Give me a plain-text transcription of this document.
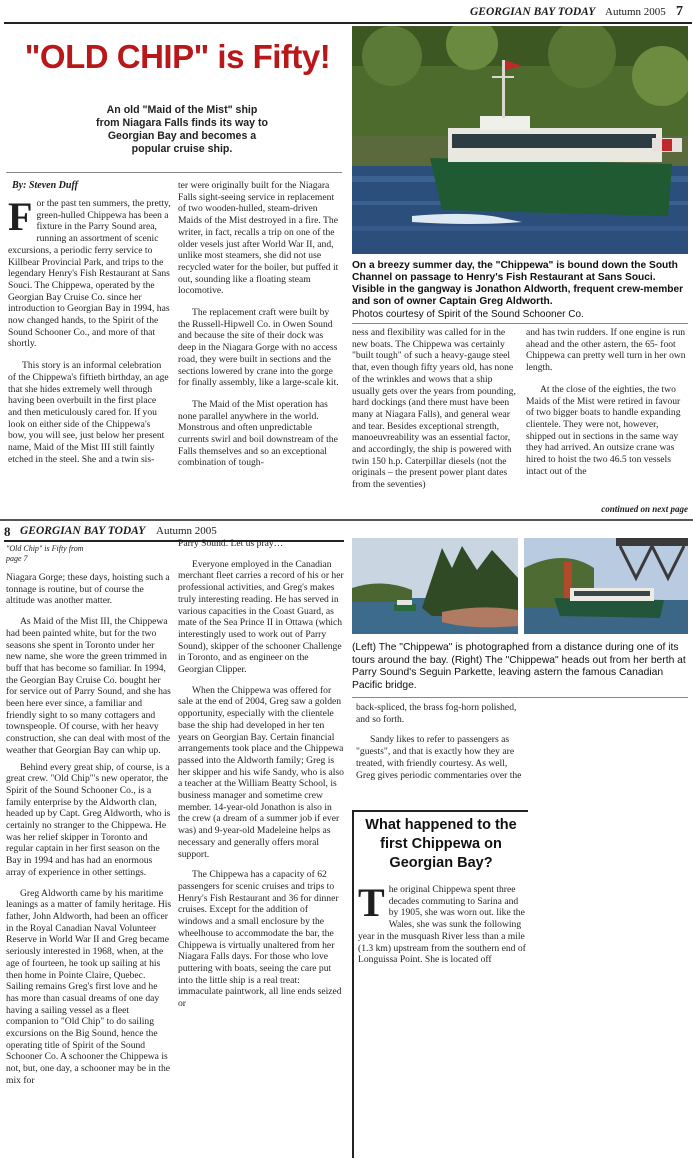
GEORGIAN BAY TODAY Autumn 2005 7
"OLD CHIP" is Fifty!
An old "Maid of the Mist" ship from Niagara Falls finds its way to Georgian Bay and becomes a popular cruise ship.
By: Steven Duff

For the past ten summers, the pretty, green-hulled Chippewa has been a fixture in the Parry Sound area, running an assortment of scenic excursions, a periodic ferry service to Killbear Provincial Park, and trips to the legendary Henry's Fish Restaurant at Sans Souci. The Chippewa, operated by the Georgian Bay Cruise Co. since her introduction to Georgian Bay in 1994, has now changed hands, to the Spirit of the Sound Schooner Co., and more of that shortly.

This story is an informal celebration of the Chippewa's fiftieth birthday, an age that she hides extremely well through having been overbuilt in the first place and then meticulously cared for. If you look on either side of the Chippewa's bow, you will see, just below her present name, Maid of the Mist III still faintly etched in the steel. She and a twin sis-

ter were originally built for the Niagara Falls sight-seeing service in replacement of two wooden-hulled, steam-driven Maids of the Mist destroyed in a fire. The writer, in fact, recalls a trip on one of the older vesels just after World War II, and, unlike most steamers, she did not use recycled water for the boiler, but puffed it out, sounding like a floating steam locomotive.

The replacement craft were built by the Russell-Hipwell Co. in Owen Sound and because the site of their dock was deep in the Niagara Gorge with no access road, they were built in sections and the sections lowered by crane into the gorge for finally assembly, like a large-scale kit.

The Maid of the Mist operation has none parallel anywhere in the world. Monstrous and often unpredictable currents swirl and boil downstream of the Falls themselves and so an exceptional combination of tough-

On a breezy summer day, the "Chippewa" is bound down the South Channel on passage to Henry's Fish Restaurant at Sans Souci. Visible in the gangway is Jonathon Aldworth, frequent crew-member and son of owner Captain Greg Aldworth.
Photos courtesy of Spirit of the Sound Schooner Co.

ness and flexibility was called for in the new boats. The Chippewa was certainly "built tough" of such a heavy-gauge steel that, even though fifty years old, has none of the wrinkles and wows that a ship usually gets over the years from pounding, hard dockings (and there must have been many at Niagara Falls), and general wear and tear. Besides exceptional strength, manoeuvreability was an essential factor, and accordingly, the ship is powered with twin 150 h.p. Caterpillar diesels (not the originals – the present power plant dates from the seventies)

and has twin rudders. If one engine is run ahead and the other astern, the 65- foot Chippewa can pretty well turn in her own length.

At the close of the eighties, the two Maids of the Mist were retired in favour of two bigger boats to handle expanding clientele. They were not, however, shipped out in sections in the same way they had arrived. An outsize crane was hired to hoist the two 46.5 ton vessels intact out of the

continued on next page
8 GEORGIAN BAY TODAY Autumn 2005
"Old Chip" is Fifty from page 7

Niagara Gorge; these days, hoisting such a tonnage is routine, but of course the altitude was another matter.

As Maid of the Mist III, the Chippewa had been painted white, but for the two seasons she spent in Toronto under her new name, she wore the green trimmed in buff that has become so familiar. In 1994, the Georgian Bay Cruise Co. bought her for service out of Parry Sound, and she has been here ever since, a familiar and friendly sight to so many cottagers and townspeople. Of course, with her heavy construction, she can deal with most of the weather that Georgian Bay can whip up.

Behind every great ship, of course, is a great crew. "Old Chip"'s new operator, the Spirit of the Sound Schooner Co., is a family enterprise by the Aldworth clan, headed up by Capt. Greg Aldworth, who is certainly no stranger to the Chippewa. He was her relief skipper in Toronto and regular captain in her first season on the Bay in 1994 and has had an enormous array of experience in other settings.

Greg Aldworth came by his maritime leanings as a matter of family heritage. His father, John Aldworth, had been an officer in the Royal Canadian Naval Volunteer Reserve in World War II and Greg became seriously interested in 1968, when, at the age of fourteen, he took up sailing at his then home in Pointe Claire, Quebec. Sailing remains Greg's first love and he has more than casual dreams of one day having a sailing vessel as a fleet companion to "Old Chip" to do sailing excursions on the Big Sound, hence the operating title of Spirit of the Sound Schooner Co. A schooner the Chippewa is not, but, one day, a schooner may be in the mix for

Parry Sound. Let us pray…

Everyone employed in the Canadian merchant fleet carries a record of his or her professional activities, and Greg's makes truly interesting reading. He has served in various capacities in the Coast Guard, as mate of the Sea Prince II in Ottawa (which interestingly used to work out of Parry Sound), skipper of the schooner Challenge in Toronto, and as engineer on the Georgian Clipper.

When the Chippewa was offered for sale at the end of 2004, Greg saw a golden opportunity, especially with the clientele base the ship had developed in her ten years on Georgian Bay. Certain financial arrangements took place and the Chippewa passed into the Aldworth family; Greg is her skipper and his wife Sandy, who is also a teacher at the William Beatty School, is business manager and sometime crew member. 14-year-old Jonathon is also in the crew (a dream of a summer job if ever was) and 9-year-old Madeleine helps as necessary and generally offers moral support.

The Chippewa has a capacity of 62 passengers for scenic cruises and trips to Henry's Fish Restaurant and 36 for dinner cruises. Except for the addition of windows and a small enclosure by the wheelhouse to accommodate the bar, the Chippewa is virtually unaltered from her Niagara Falls days. For those who love puttering with boats, seeing the care put into the little ship is a real treat: immaculate paintwork, all line ends seized or

(Left) The "Chippewa" is photographed from a distance during one of its tours around the bay. (Right) The "Chippewa" heads out from her berth at Parry Sound's Seguin Parkette, leaving astern the famous Canadian Pacific bridge.

back-spliced, the brass fog-horn polished, and so forth.

Sandy likes to refer to passengers as "guests", and that is exactly how they are treated, with friendly courtesy. As well, Greg gives periodic commentaries over the

What happened to the first Chippewa on Georgian Bay?

The original Chippewa spent three decades commuting to Sarina and by 1905, she was worn out. like the Wales, she was sunk the following year in the musquash River less than a mile (1.3 km) upstream from the southern end of Longuissa Point. She is located off
